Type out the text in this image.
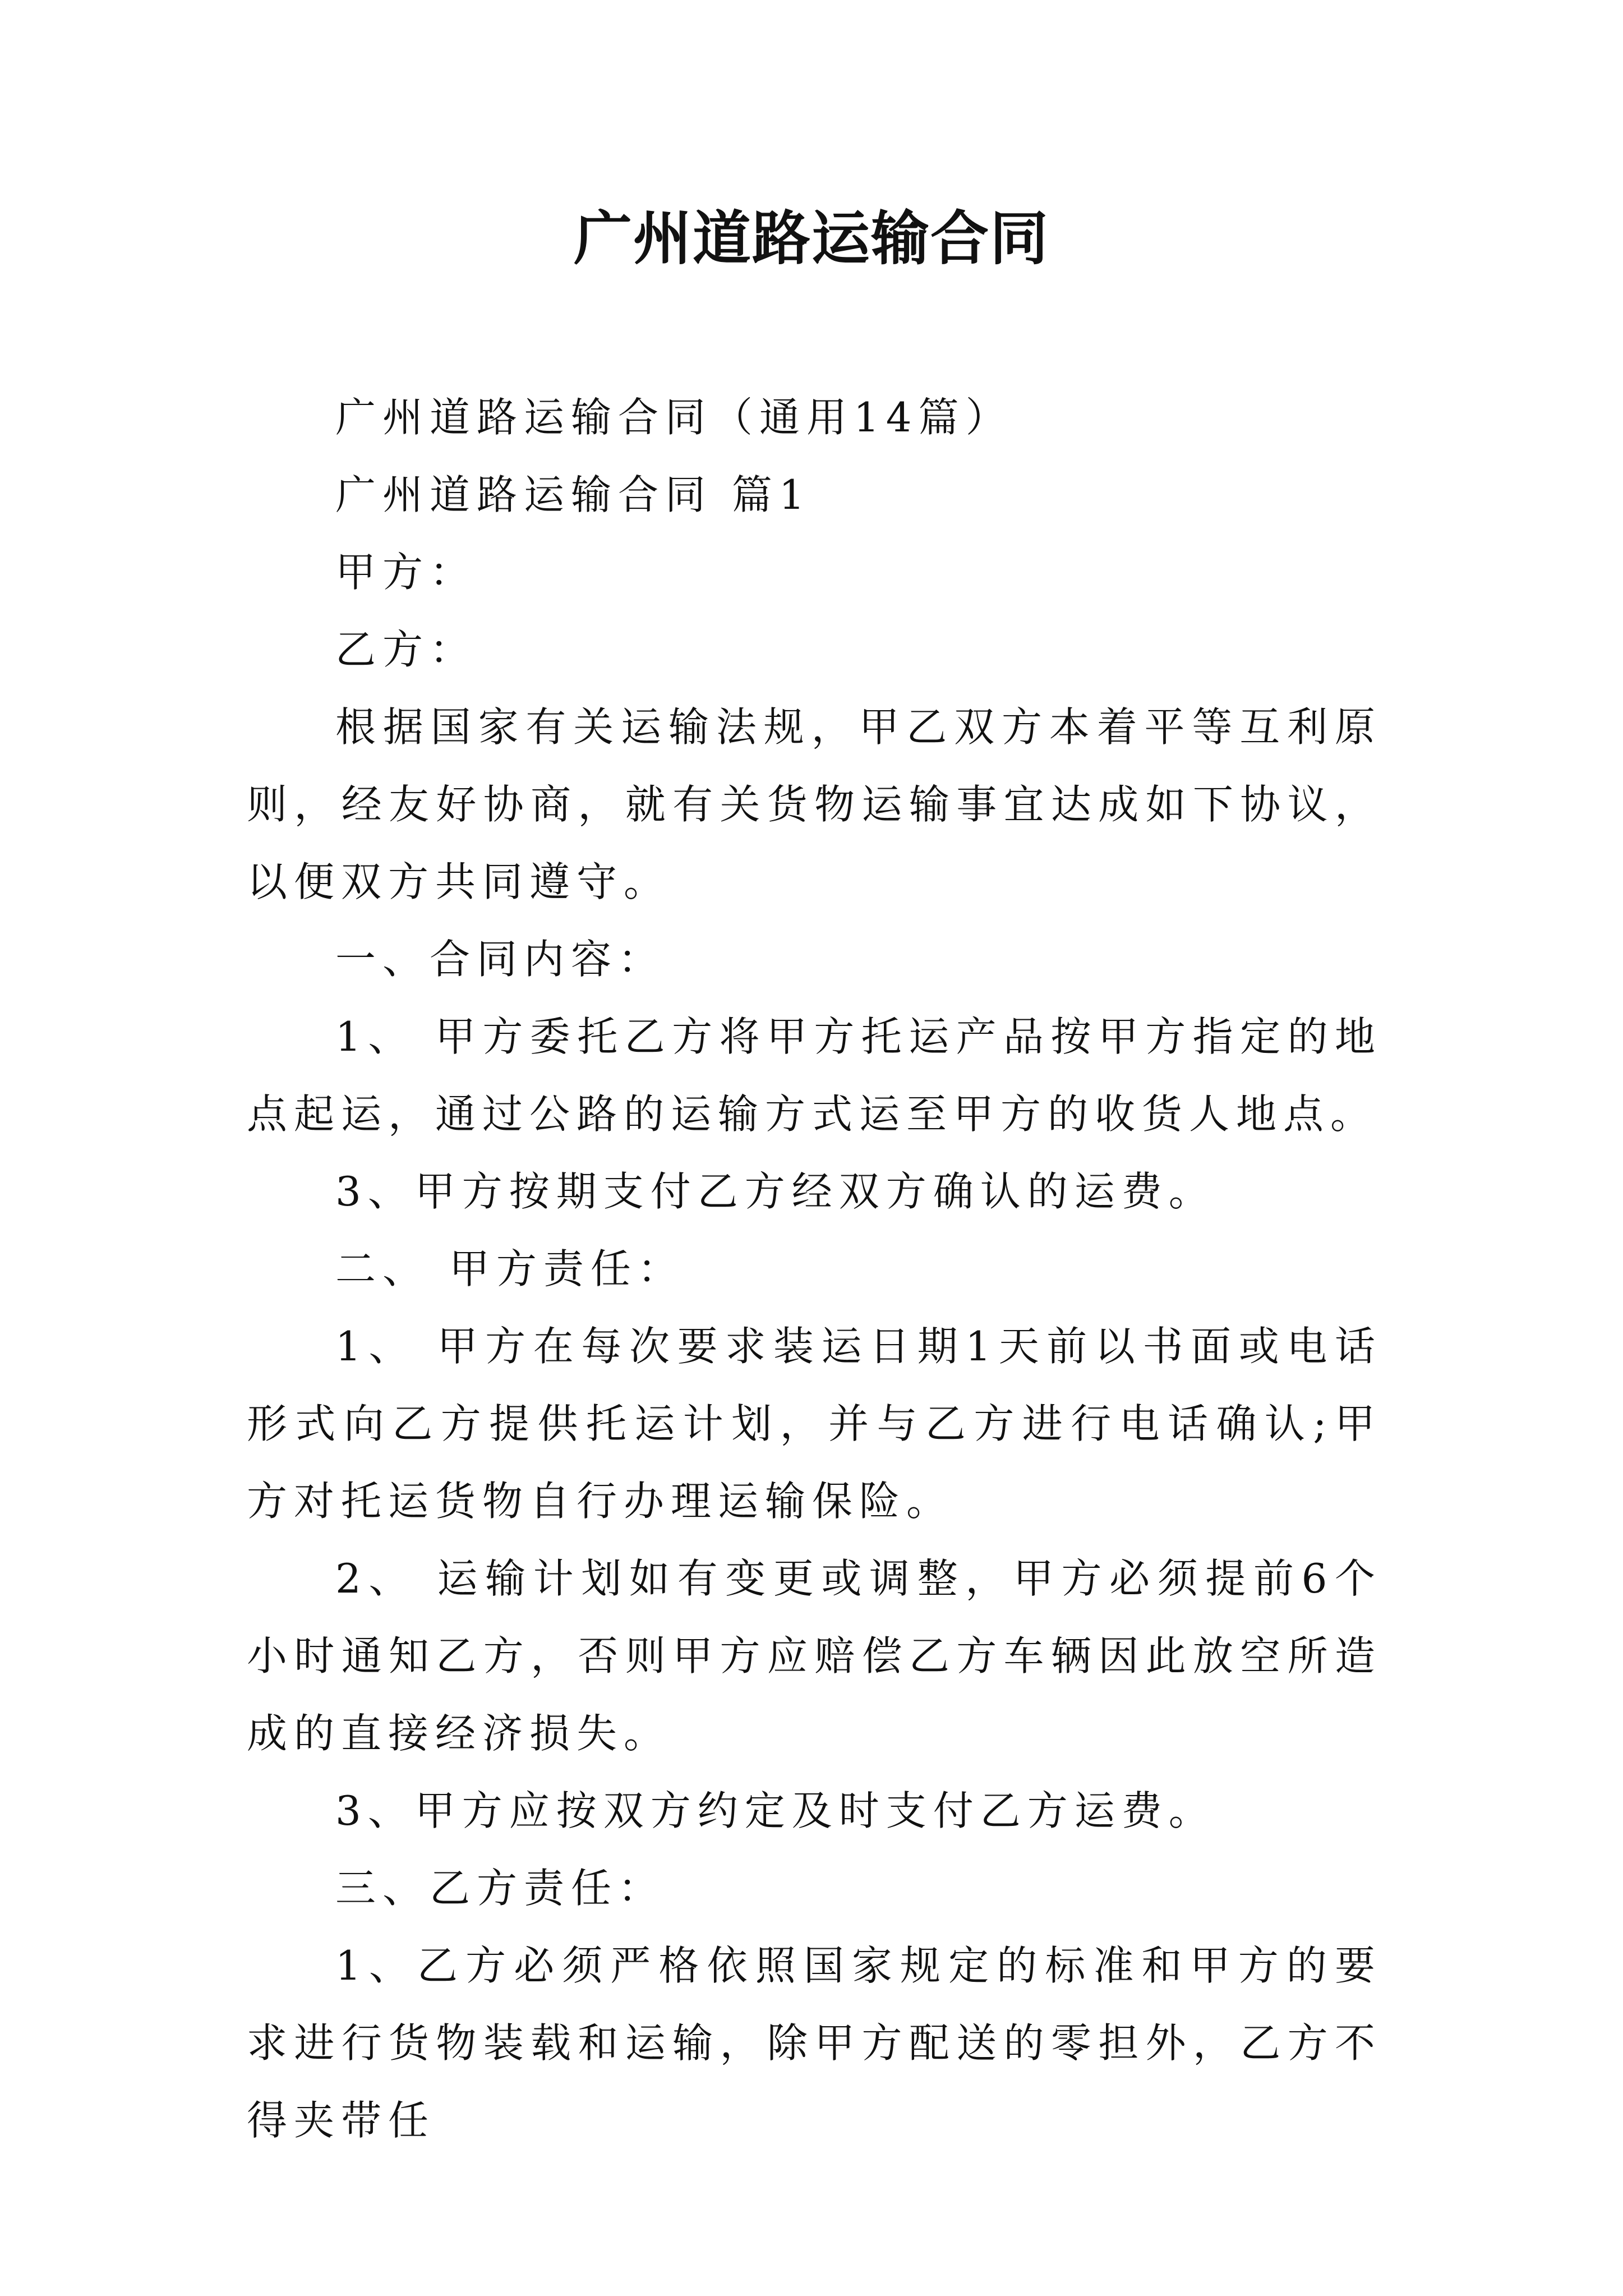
广州道路运输合同

广州道路运输合同（通用14篇）

广州道路运输合同 篇1

甲方：

乙方：

根据国家有关运输法规，甲乙双方本着平等互利原则，经友好协商，就有关货物运输事宜达成如下协议，以便双方共同遵守。

一、合同内容：

1、 甲方委托乙方将甲方托运产品按甲方指定的地点起运，通过公路的运输方式运至甲方的收货人地点。

3、甲方按期支付乙方经双方确认的运费。

二、 甲方责任：

1、 甲方在每次要求装运日期1天前以书面或电话形式向乙方提供托运计划，并与乙方进行电话确认;甲方对托运货物自行办理运输保险。

2、 运输计划如有变更或调整，甲方必须提前6个小时通知乙方，否则甲方应赔偿乙方车辆因此放空所造成的直接经济损失。

3、甲方应按双方约定及时支付乙方运费。

三、乙方责任：

1、乙方必须严格依照国家规定的标准和甲方的要求进行货物装载和运输，除甲方配送的零担外，乙方不得夹带任
